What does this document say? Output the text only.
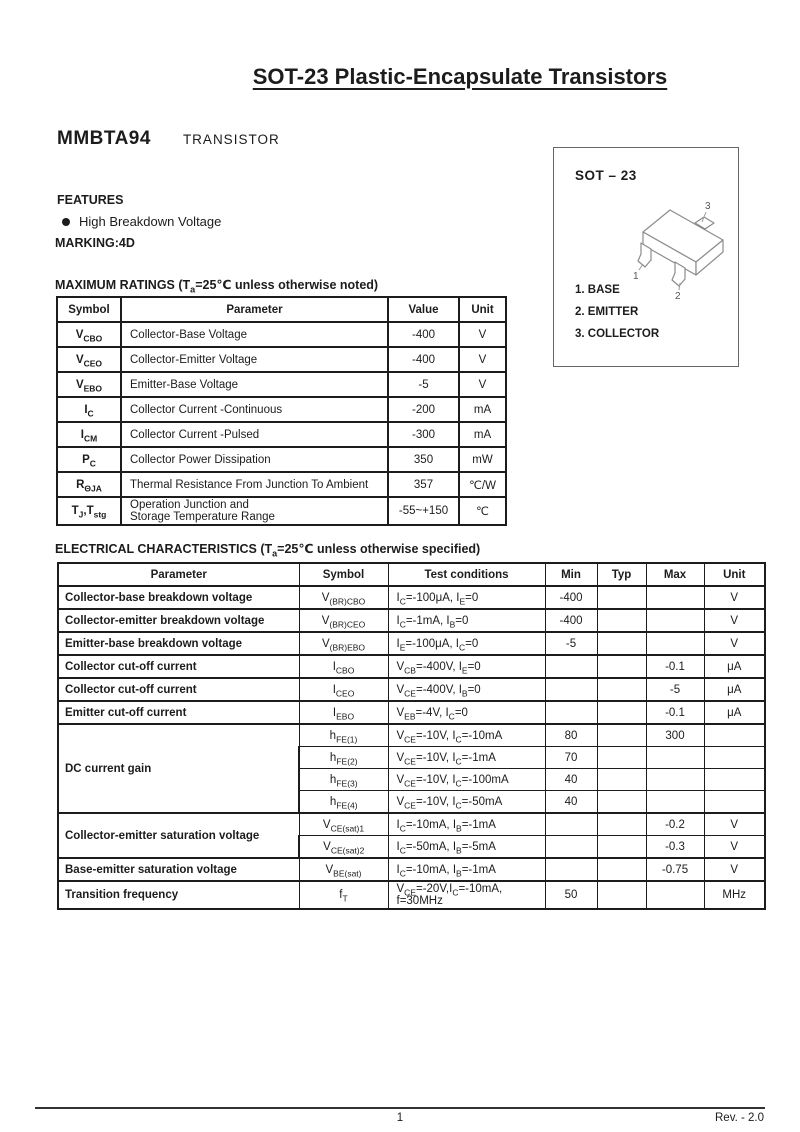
SOT-23 Plastic-Encapsulate Transistors
MMBTA94 TRANSISTOR
FEATURES
High Breakdown Voltage
MARKING:4D
SOT – 23
3
1
2
1. BASE
2. EMITTER
3. COLLECTOR
MAXIMUM RATINGS ($T_a=25℃$ unless otherwise noted)
Symbol	Parameter	Value	Unit
$V_{CBO}$	Collector-Base Voltage	-400	V
$V_{CEO}$	Collector-Emitter Voltage	-400	V
$V_{EBO}$	Emitter-Base Voltage	-5	V
$I_C$	Collector Current -Continuous	-200	mA
$I_{CM}$	Collector Current -Pulsed	-300	mA
$P_C$	Collector Power Dissipation	350	mW
$R_{\Theta JA}$	Thermal Resistance From Junction To Ambient	357	℃/W
$T_J,T_{stg}$	Operation Junction and
Storage Temperature Range	-55~+150	℃
ELECTRICAL CHARACTERISTICS ($T_a=25℃$ unless otherwise specified)
Parameter	Symbol	Test conditions	Min	Typ	Max	Unit
Collector-base breakdown voltage	$V_{(BR)CBO}$	$I_C=-100\mu A$, $I_E=0$	-400			V
Collector-emitter breakdown voltage	$V_{(BR)CEO}$	$I_C=-1mA$, $I_B=0$	-400			V
Emitter-base breakdown voltage	$V_{(BR)EBO}$	$I_E=-100\mu A$, $I_C=0$	-5			V
Collector cut-off current	$I_{CBO}$	$V_{CB}=-400V$, $I_E=0$			-0.1	μA
Collector cut-off current	$I_{CEO}$	$V_{CE}=-400V$, $I_B=0$			-5	μA
Emitter cut-off current	$I_{EBO}$	$V_{EB}=-4V$, $I_C=0$			-0.1	μA
DC current gain	$h_{FE(1)}$	$V_{CE}=-10V$, $I_C=-10mA$	80		300	
	$h_{FE(2)}$	$V_{CE}=-10V$, $I_C=-1mA$	70			
	$h_{FE(3)}$	$V_{CE}=-10V$, $I_C=-100mA$	40			
	$h_{FE(4)}$	$V_{CE}=-10V$, $I_C=-50mA$	40			
Collector-emitter saturation voltage	$V_{CE(sat)1}$	$I_C=-10mA$, $I_B=-1mA$			-0.2	V
	$V_{CE(sat)2}$	$I_C=-50mA$, $I_B=-5mA$			-0.3	V
Base-emitter saturation voltage	$V_{BE(sat)}$	$I_C=-10mA$, $I_B=-1mA$			-0.75	V
Transition frequency	$f_T$	$V_{CE}=-20V,I_C=-10mA$,
f=30MHz	50			MHz
1	Rev. - 2.0
